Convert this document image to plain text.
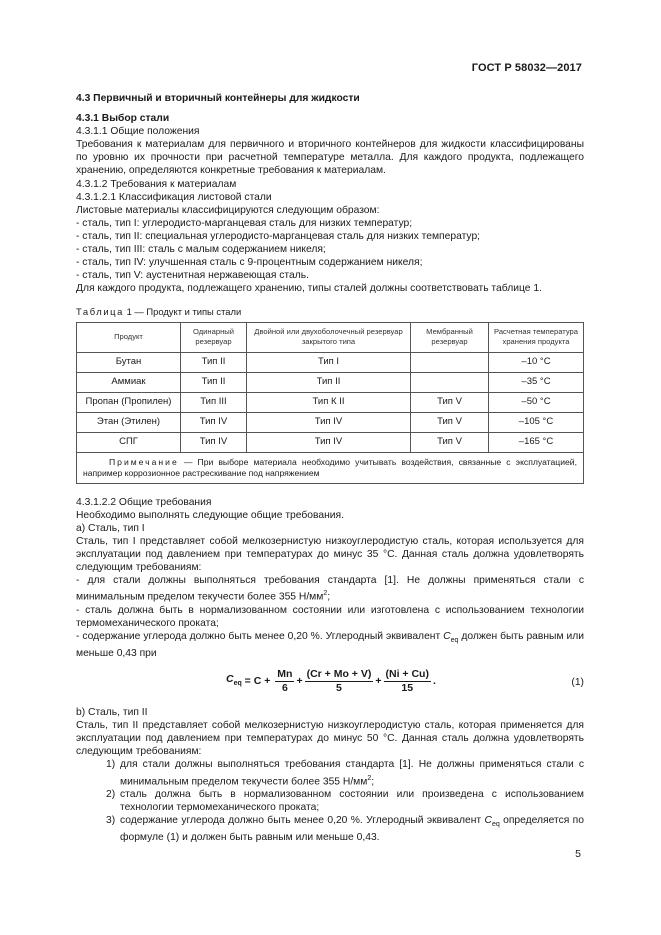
ГОСТ Р 58032—2017
4.3 Первичный и вторичный контейнеры для жидкости
4.3.1 Выбор стали
4.3.1.1 Общие положения
Требования к материалам для первичного и вторичного контейнеров для жидкости классифицированы по уровню их прочности при расчетной температуре металла. Для каждого продукта, подлежащего хранению, определяются конкретные требования к материалам.
4.3.1.2 Требования к материалам
4.3.1.2.1 Классификация листовой стали
Листовые материалы классифицируются следующим образом:
- сталь, тип I: углеродисто-марганцевая сталь для низких температур;
- сталь, тип II: специальная углеродисто-марганцевая сталь для низких температур;
- сталь, тип III: сталь с малым содержанием никеля;
- сталь, тип IV: улучшенная сталь с 9-процентным содержанием никеля;
- сталь, тип V: аустенитная нержавеющая сталь.
Для каждого продукта, подлежащего хранению, типы сталей должны соответствовать таблице 1.
Таблица 1 — Продукт и типы стали
Продукт	Одинарный резервуар	Двойной или двухоболочечный резервуар закрытого типа	Мембранный резервуар	Расчетная температура хранения продукта
Бутан	Тип II	Тип I		–10 °С
Аммиак	Тип II	Тип II		–35 °С
Пропан (Пропилен)	Тип III	Тип К II	Тип V	–50 °С
Этан (Этилен)	Тип IV	Тип IV	Тип V	–105 °С
СПГ	Тип IV	Тип IV	Тип V	–165 °С
Примечание — При выборе материала необходимо учитывать воздействия, связанные с эксплуатацией, например коррозионное растрескивание под напряжением				
4.3.1.2.2 Общие требования
Необходимо выполнять следующие общие требования.
а) Сталь, тип I
Сталь, тип I представляет собой мелкозернистую низкоуглеродистую сталь, которая используется для эксплуатации под давлением при температурах до минус 35 °С. Данная сталь должна удовлетворять следующим требованиям:
- для стали должны выполняться требования стандарта [1]. Не должны применяться стали с минимальным пределом текучести более 355 $Н/мм^2$;
- сталь должна быть в нормализованном состоянии или изготовлена с использованием технологии термомеханического проката;
- содержание углерода должно быть менее 0,20 %. Углеродный эквивалент $C_{eq}$ должен быть равным или меньше 0,43 при
$C_{eq} = C + \frac{Mn}{6} + \frac{(Cr + Mo + V)}{5} + \frac{(Ni + Cu)}{15}$ .	(1)
b) Сталь, тип II
Сталь, тип II представляет собой мелкозернистую низкоуглеродистую сталь, которая применяется для эксплуатации под давлением при температурах до минус 50 °С. Данная сталь должна удовлетворять следующим требованиям:
1) для стали должны выполняться требования стандарта [1]. Не должны применяться стали с минимальным пределом текучести более 355 $Н/мм^2$;
2) сталь должна быть в нормализованном состоянии или произведена с использованием технологии термомеханического проката;
3) содержание углерода должно быть менее 0,20 %. Углеродный эквивалент $C_{eq}$ определяется по формуле (1) и должен быть равным или меньше 0,43.
5
